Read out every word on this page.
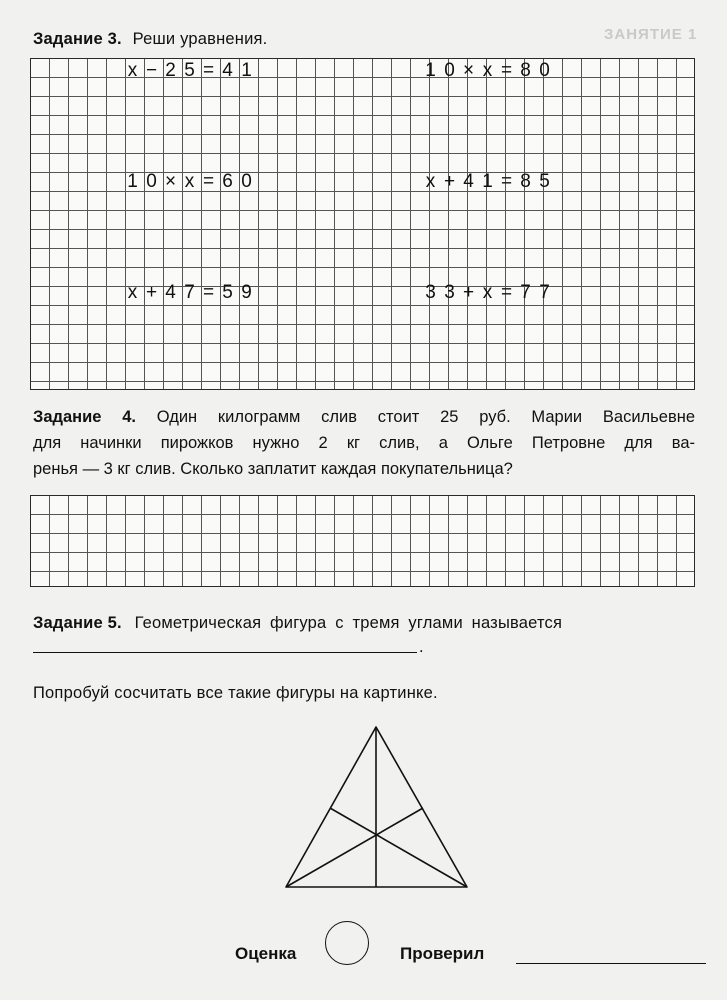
ЗАНЯТИЕ 1
Задание 3. Реши уравнения.
x − 2 5 = 4 1	1 0 × x = 8 0
1 0 × x = 6 0	x + 4 1 = 8 5
x + 4 7 = 5 9	3 3 + x = 7 7
Задание 4. Один килограмм слив стоит 25 руб. Марии Васильевне
для начинки пирожков нужно 2 кг слив, а Ольге Петровне для ва-
ренья — 3 кг слив. Сколько заплатит каждая покупательница?
Задание 5. Геометрическая фигура с тремя углами называется
.
Попробуй сосчитать все такие фигуры на картинке.
Оценка	Проверил
